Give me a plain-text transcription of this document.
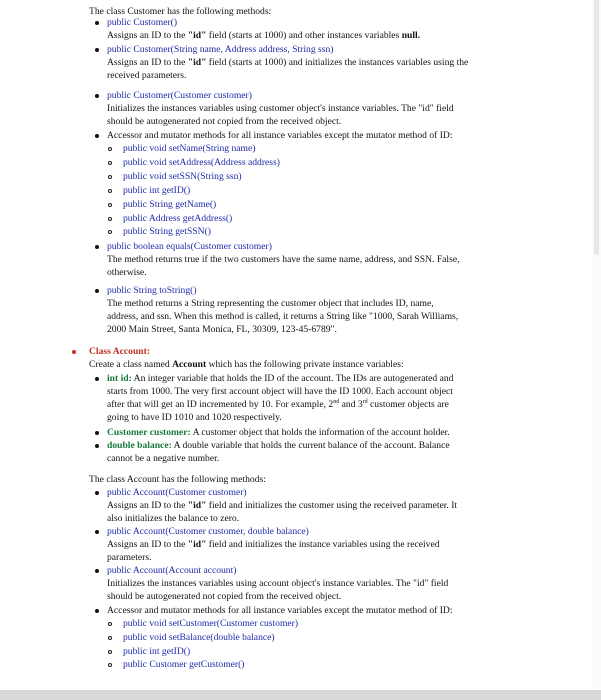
The class Customer has the following methods:
public Customer()
Assigns an ID to the "id" field (starts at 1000) and other instances variables null.
public Customer(String name, Address address, String ssn)
Assigns an ID to the "id" field (starts at 1000) and initializes the instances variables using the
received parameters.
public Customer(Customer customer)
Initializes the instances variables using customer object's instance variables. The "id" field
should be autogenerated not copied from the received object.
Accessor and mutator methods for all instance variables except the mutator method of ID:
public void setName(String name)
public void setAddress(Address address)
public void setSSN(String ssn)
public int getID()
public String getName()
public Address getAddress()
public String getSSN()
public boolean equals(Customer customer)
The method returns true if the two customers have the same name, address, and SSN. False,
otherwise.
public String toString()
The method returns a String representing the customer object that includes ID, name,
address, and ssn. When this method is called, it returns a String like "1000, Sarah Williams,
2000 Main Street, Santa Monica, FL, 30309, 123-45-6789".
Class Account:
Create a class named Account which has the following private instance variables:
int id: An integer variable that holds the ID of the account. The IDs are autogenerated and
starts from 1000. The very first account object will have the ID 1000. Each account object
after that will get an ID incremented by 10. For example, 2nd and 3rd customer objects are
going to have ID 1010 and 1020 respectively.
Customer customer: A customer object that holds the information of the account holder.
double balance: A double variable that holds the current balance of the account. Balance
cannot be a negative number.
The class Account has the following methods:
public Account(Customer customer)
Assigns an ID to the "id" field and initializes the customer using the received parameter. It
also initializes the balance to zero.
public Account(Customer customer, double balance)
Assigns an ID to the "id" field and initializes the instance variables using the received
parameters.
public Account(Account account)
Initializes the instances variables using account object's instance variables. The "id" field
should be autogenerated not copied from the received object.
Accessor and mutator methods for all instance variables except the mutator method of ID:
public void setCustomer(Customer customer)
public void setBalance(double balance)
public int getID()
public Customer getCustomer()
